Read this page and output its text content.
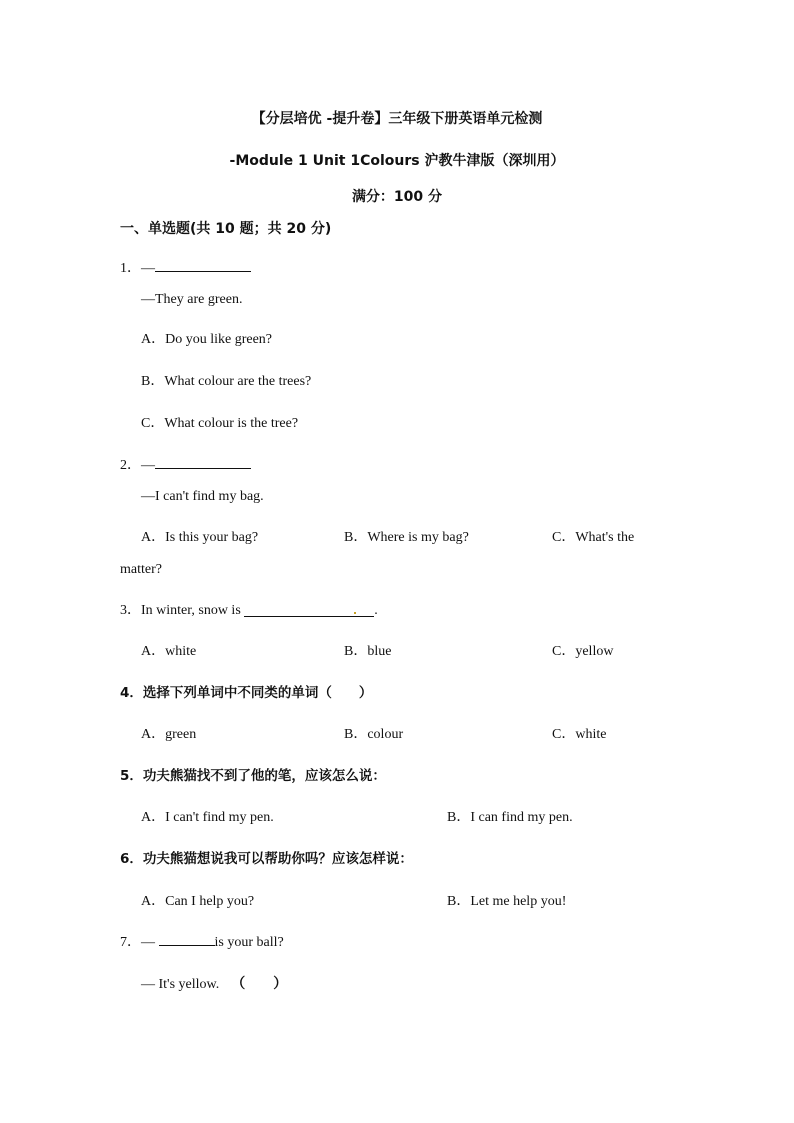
【分层培优 -提升卷】三年级下册英语单元检测
-Module 1 Unit 1Colours 沪教牛津版（深圳用）
满分：100 分
一、单选题(共 10 题；共 20 分)
1．—
—They are green.
A．Do you like green?
B．What colour are the trees?
C．What colour is the tree?
2．—
—I can't find my bag.
A．Is this your bag?	B．Where is my bag?	C．What's the
matter?
3．In winter, snow is	.
A．white	B．blue	C．yellow
4．选择下列单词中不同类的单词（　　）
A．green	B．colour	C．white
5．功夫熊猫找不到了他的笔，应该怎么说：
A．I can't find my pen.	B．I can find my pen.
6．功夫熊猫想说我可以帮助你吗？应该怎样说：
A．Can I help you?	B．Let me help you!
7．—	is your ball?
— It's yellow. （　　）
